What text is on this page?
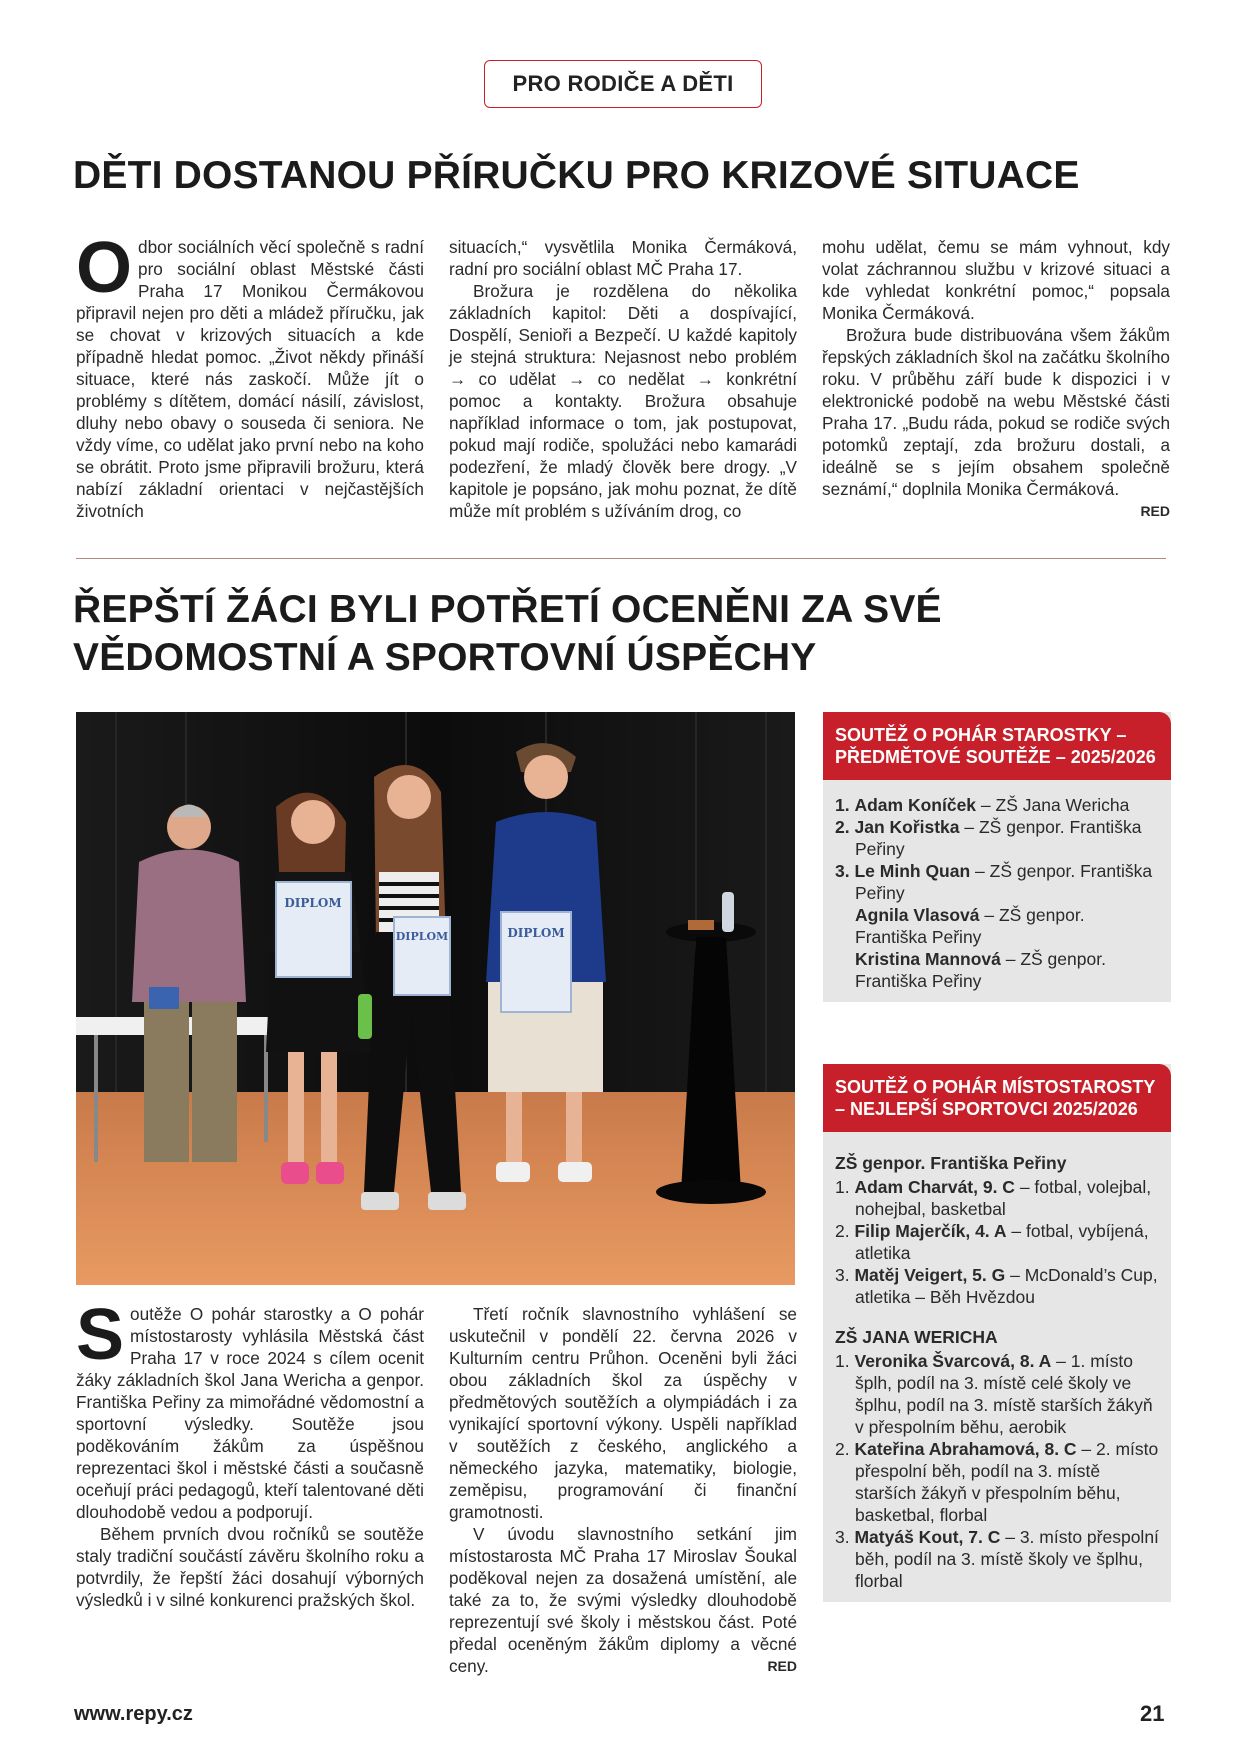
PRO RODIČE A DĚTI
DĚTI DOSTANOU PŘÍRUČKU PRO KRIZOVÉ SITUACE

Odbor sociálních věcí společně s radní pro sociální oblast Městské části Praha 17 Monikou Čermákovou připravil nejen pro děti a mládež příručku, jak se chovat v krizových situacích a kde případně hledat pomoc. „Život někdy přináší situace, které nás zaskočí. Může jít o problémy s dítětem, domácí násilí, závislost, dluhy nebo obavy o souseda či seniora. Ne vždy víme, co udělat jako první nebo na koho se obrátit. Proto jsme připravili brožuru, která nabízí základní orientaci v nejčastějších životních

situacích,“ vysvětlila Monika Čermáková, radní pro sociální oblast MČ Praha 17.

Brožura je rozdělena do několika základních kapitol: Děti a dospívající, Dospělí, Senioři a Bezpečí. U každé kapitoly je stejná struktura: Nejasnost nebo problém → co udělat → co nedělat → konkrétní pomoc a kontakty. Brožura obsahuje například informace o tom, jak postupovat, pokud mají rodiče, spolužáci nebo kamarádi podezření, že mladý člověk bere drogy. „V kapitole je popsáno, jak mohu poznat, že dítě může mít problém s užíváním drog, co

mohu udělat, čemu se mám vyhnout, kdy volat záchrannou službu v krizové situaci a kde vyhledat konkrétní pomoc,“ popsala Monika Čermáková.

Brožura bude distribuována všem žákům řepských základních škol na začátku školního roku. V průběhu září bude k dispozici i v elektronické podobě na webu Městské části Praha 17. „Budu ráda, pokud se rodiče svých potomků zeptají, zda brožuru dostali, a ideálně se s jejím obsahem společně seznámí,“ doplnila Monika Čermáková.
RED

ŘEPŠTÍ ŽÁCI BYLI POTŘETÍ OCENĚNI ZA SVÉ
VĚDOMOSTNÍ A SPORTOVNÍ ÚSPĚCHY
DIPLOM
DIPLOM	DIPLOM

Soutěže O pohár starostky a O pohár místostarosty vyhlásila Městská část Praha 17 v roce 2024 s cílem ocenit žáky základních škol Jana Wericha a genpor. Františka Peřiny za mimořádné vědomostní a sportovní výsledky. Soutěže jsou poděkováním žákům za úspěšnou reprezentaci škol i městské části a současně oceňují práci pedagogů, kteří talentované děti dlouhodobě vedou a podporují.

Během prvních dvou ročníků se soutěže staly tradiční součástí závěru školního roku a potvrdily, že řepští žáci dosahují výborných výsledků i v silné konkurenci pražských škol.

Třetí ročník slavnostního vyhlášení se uskutečnil v pondělí 22. června 2026 v Kulturním centru Průhon. Oceněni byli žáci obou základních škol za úspěchy v předmětových soutěžích a olympiádách i za vynikající sportovní výkony. Uspěli například v soutěžích z českého, anglického a německého jazyka, matematiky, biologie, zeměpisu, programování či finanční gramotnosti.

V úvodu slavnostního setkání jim místostarosta MČ Praha 17 Miroslav Šoukal poděkoval nejen za dosažená umístění, ale také za to, že svými výsledky dlouhodobě reprezentují své školy i městskou část. Poté předal oceněným žákům diplomy a věcné ceny.	RED

SOUTĚŽ O POHÁR STAROSTKY – PŘEDMĚTOVÉ SOUTĚŽE – 2025/2026
1. Adam Koníček – ZŠ Jana Wericha
2. Jan Kořistka – ZŠ genpor. Františka Peřiny
3. Le Minh Quan – ZŠ genpor. Františka Peřiny
Agnila Vlasová – ZŠ genpor. Františka Peřiny
Kristina Mannová – ZŠ genpor. Františka Peřiny
SOUTĚŽ O POHÁR MÍSTOSTAROSTY – NEJLEPŠÍ SPORTOVCI 2025/2026
ZŠ genpor. Františka Peřiny
1. Adam Charvát, 9. C – fotbal, volejbal, nohejbal, basketbal
2. Filip Majerčík, 4. A – fotbal, vybíjená, atletika
3. Matěj Veigert, 5. G – McDonald’s Cup, atletika – Běh Hvězdou
ZŠ JANA WERICHA
1. Veronika Švarcová, 8. A – 1. místo šplh, podíl na 3. místě celé školy ve šplhu, podíl na 3. místě starších žákyň v přespolním běhu, aerobik
2. Kateřina Abrahamová, 8. C – 2. místo přespolní běh, podíl na 3. místě starších žákyň v přespolním běhu, basketbal, florbal
3. Matyáš Kout, 7. C – 3. místo přespolní běh, podíl na 3. místě školy ve šplhu, florbal
www.repy.cz	21
